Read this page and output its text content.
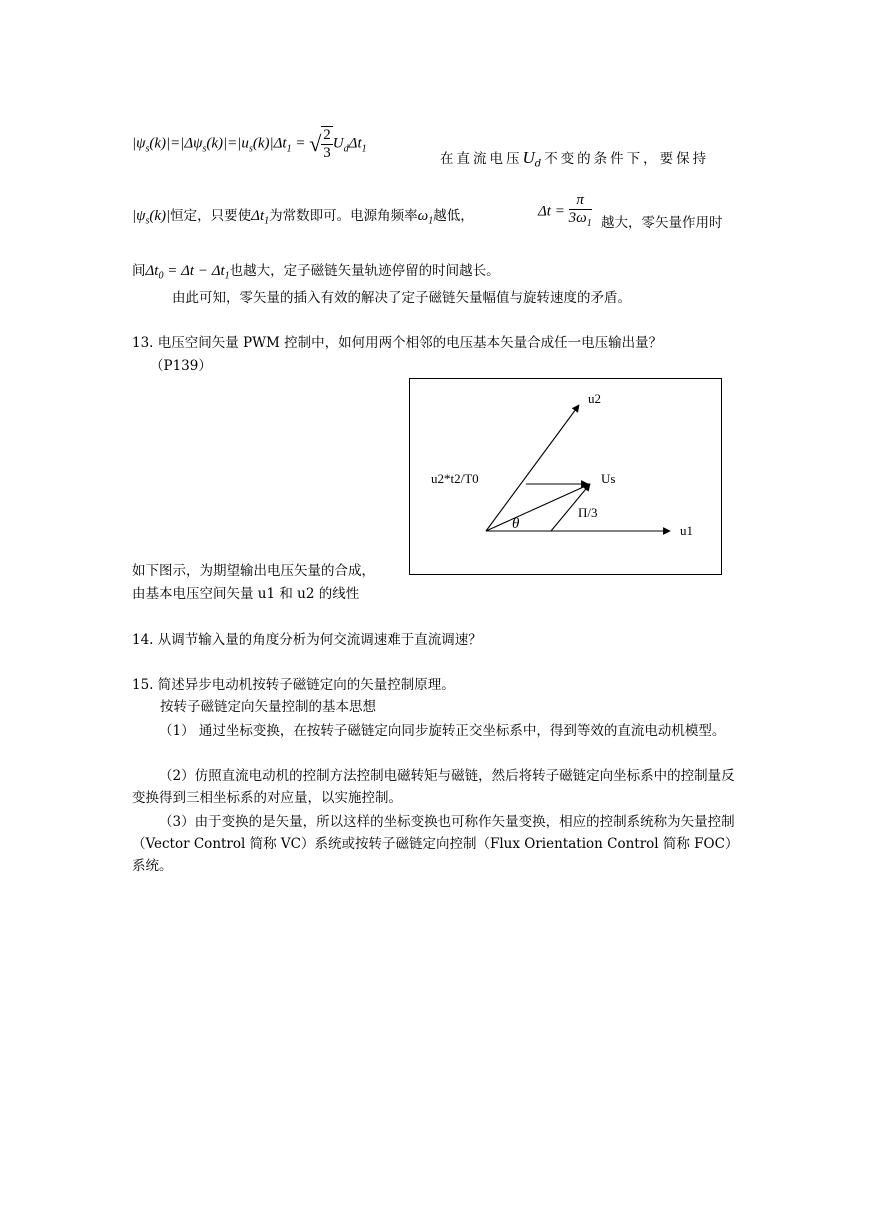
$|\psi_s(k)|=|\Delta\psi_s(k)|=|u_s(k)|\Delta t_1$ = √ $\frac{2}{3} U_d\Delta t_1$
在直流电压$U_d$不变的条件下，要保持
$|\psi_s(k)|$恒定，只要使$\Delta t_1$为常数即可。电源角频率$\omega_1$越低，	$\Delta t = \frac{\pi}{3\omega_1}$ 越大，零矢量作用时
间$\Delta t_0 = \Delta t - \Delta t_1$也越大，定子磁链矢量轨迹停留的时间越长。
由此可知，零矢量的插入有效的解决了定子磁链矢量幅值与旋转速度的矛盾。
13. 电压空间矢量 PWM 控制中，如何用两个相邻的电压基本矢量合成任一电压输出量？
（P139）
u2
u2*t2/T0	Us
Π/3
θ	u1
如下图示，为期望输出电压矢量的合成，
由基本电压空间矢量 u1 和 u2 的线性
14. 从调节输入量的角度分析为何交流调速难于直流调速？
15. 简述异步电动机按转子磁链定向的矢量控制原理。
按转子磁链定向矢量控制的基本思想
（1） 通过坐标变换，在按转子磁链定向同步旋转正交坐标系中，得到等效的直流电动机模型。
（2）仿照直流电动机的控制方法控制电磁转矩与磁链，然后将转子磁链定向坐标系中的控制量反变换得到三相坐标系的对应量，以实施控制。
（3）由于变换的是矢量，所以这样的坐标变换也可称作矢量变换，相应的控制系统称为矢量控制（Vector Control 简称 VC）系统或按转子磁链定向控制（Flux Orientation Control 简称 FOC）系统。
